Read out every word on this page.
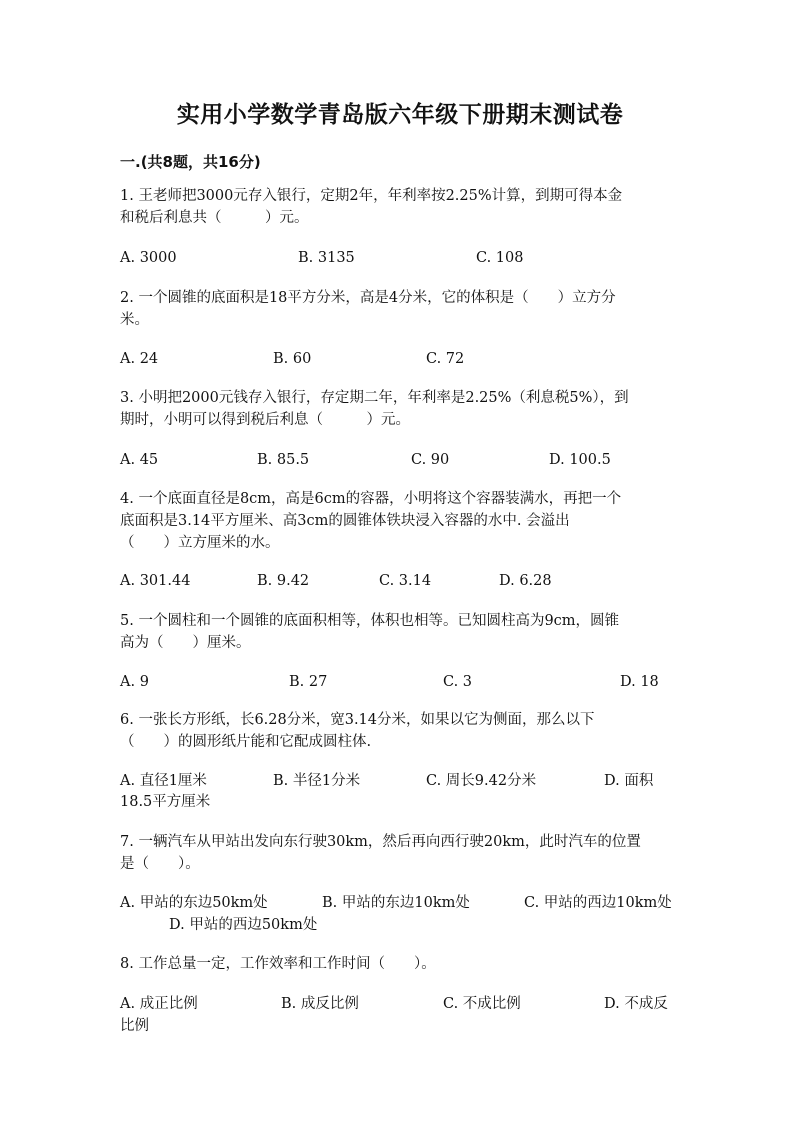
实用小学数学青岛版六年级下册期末测试卷
一.(共8题，共16分)
1. 王老师把3000元存入银行，定期2年，年利率按2.25%计算，到期可得本金
和税后利息共（　　　）元。
A. 3000	B. 3135	C. 108
2. 一个圆锥的底面积是18平方分米，高是4分米，它的体积是（　　）立方分
米。
A. 24	B. 60	C. 72
3. 小明把2000元钱存入银行，存定期二年，年利率是2.25%（利息税5%），到
期时，小明可以得到税后利息（　　　）元。
A. 45	B. 85.5	C. 90	D. 100.5
4. 一个底面直径是8cm，高是6cm的容器，小明将这个容器装满水，再把一个
底面积是3.14平方厘米、高3cm的圆锥体铁块浸入容器的水中. 会溢出
（　　）立方厘米的水。
A. 301.44	B. 9.42	C. 3.14	D. 6.28
5. 一个圆柱和一个圆锥的底面积相等，体积也相等。已知圆柱高为9cm，圆锥
高为（　　）厘米。
A. 9	B. 27	C. 3	D. 18
6. 一张长方形纸，长6.28分米，宽3.14分米，如果以它为侧面，那么以下
（　　）的圆形纸片能和它配成圆柱体.
A. 直径1厘米	B. 半径1分米	C. 周长9.42分米	D. 面积
18.5平方厘米
7. 一辆汽车从甲站出发向东行驶30km，然后再向西行驶20km，此时汽车的位置
是（　　）。
A. 甲站的东边50km处	B. 甲站的东边10km处	C. 甲站的西边10km处
D. 甲站的西边50km处
8. 工作总量一定，工作效率和工作时间（　　）。
A. 成正比例	B. 成反比例	C. 不成比例	D. 不成反
比例
